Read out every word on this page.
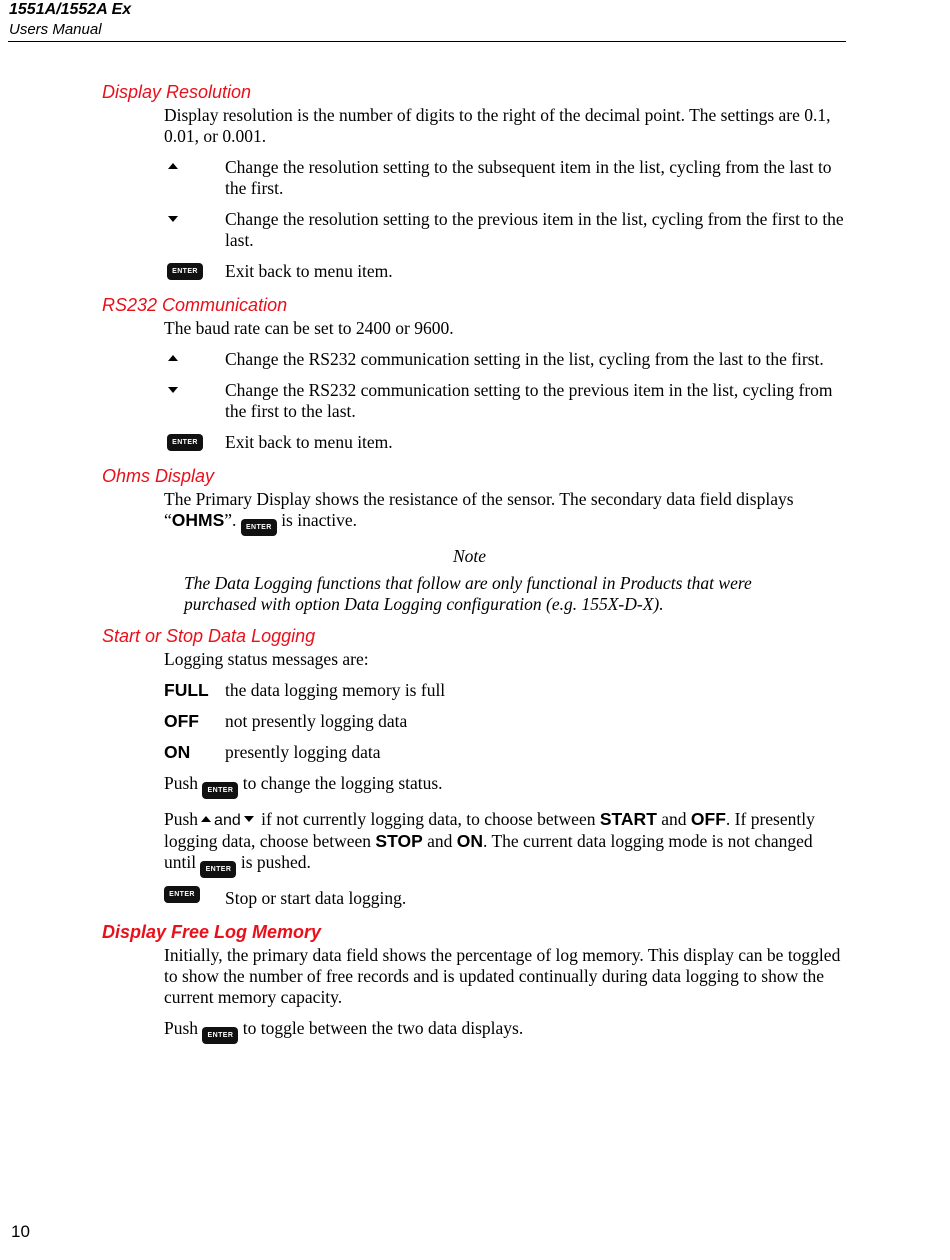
1551A/1552A Ex
Users Manual
Display Resolution
Display resolution is the number of digits to the right of the decimal point. The settings are 0.1, 0.01, or 0.001.
Change the resolution setting to the subsequent item in the list, cycling from the last to the first.
Change the resolution setting to the previous item in the list, cycling from the first to the last.
ENTER Exit back to menu item.
RS232 Communication
The baud rate can be set to 2400 or 9600.
Change the RS232 communication setting in the list, cycling from the last to the first.
Change the RS232 communication setting to the previous item in the list, cycling from the first to the last.
ENTER Exit back to menu item.
Ohms Display
The Primary Display shows the resistance of the sensor. The secondary data field displays “OHMS”. ENTER is inactive.
Note
The Data Logging functions that follow are only functional in Products that were purchased with option Data Logging configuration (e.g. 155X-D-X).
Start or Stop Data Logging
Logging status messages are:
FULL the data logging memory is full
OFF	not presently logging data
ON	presently logging data
Push ENTER to change the logging status.
Push and if not currently logging data, to choose between START and OFF. If presently logging data, choose between STOP and ON. The current data logging mode is not changed until ENTER is pushed.
ENTER Stop or start data logging.
Display Free Log Memory
Initially, the primary data field shows the percentage of log memory. This display can be toggled to show the number of free records and is updated continually during data logging to show the current memory capacity.
Push ENTER to toggle between the two data displays.
10
